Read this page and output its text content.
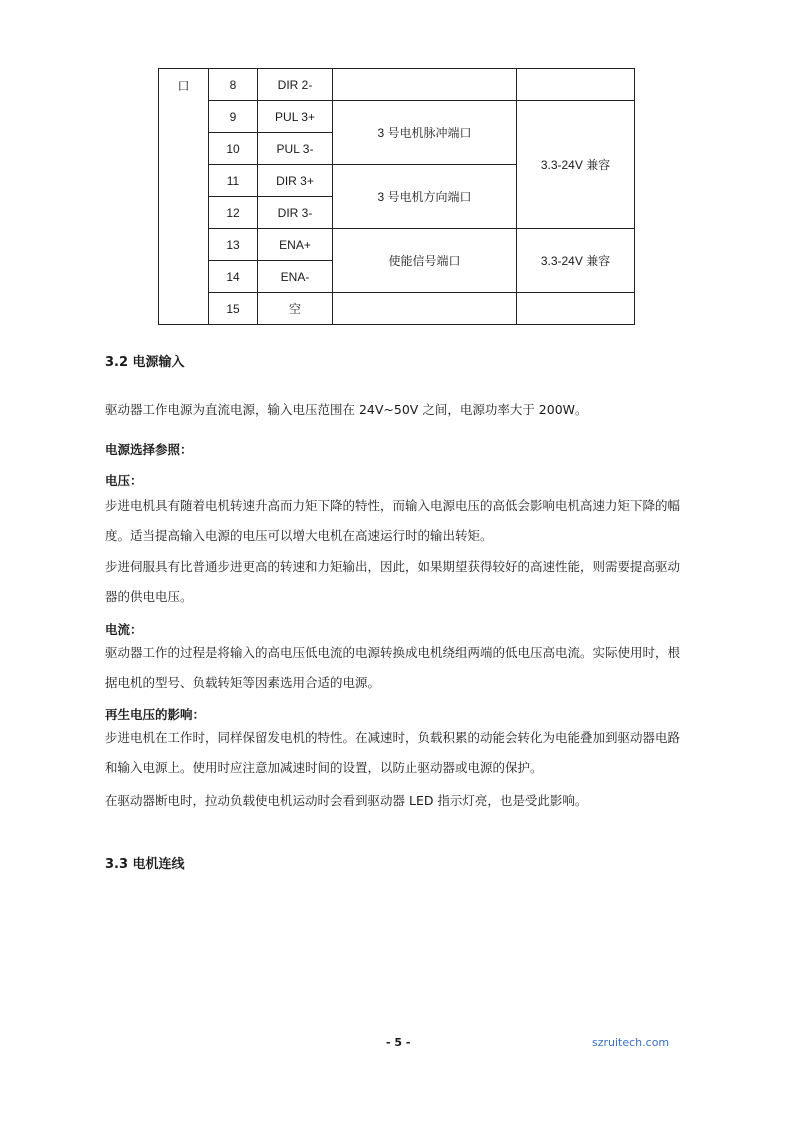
口	8	DIR 2-		
	9	PUL 3+	3 号电机脉冲端口	3.3-24V 兼容
	10	PUL 3-		
	11	DIR 3+	3 号电机方向端口	
	12	DIR 3-		
	13	ENA+	使能信号端口	3.3-24V 兼容
	14	ENA-		
	15	空		
3.2 电源输入
驱动器工作电源为直流电源，输入电压范围在 24V~50V 之间，电源功率大于 200W。
电源选择参照：
电压：
步进电机具有随着电机转速升高而力矩下降的特性，而输入电源电压的高低会影响电机高速力矩下降的幅度。适当提高输入电源的电压可以增大电机在高速运行时的输出转矩。
步进伺服具有比普通步进更高的转速和力矩输出，因此，如果期望获得较好的高速性能，则需要提高驱动器的供电电压。
电流：
驱动器工作的过程是将输入的高电压低电流的电源转换成电机绕组两端的低电压高电流。实际使用时，根据电机的型号、负载转矩等因素选用合适的电源。
再生电压的影响：
步进电机在工作时，同样保留发电机的特性。在减速时，负载积累的动能会转化为电能叠加到驱动器电路和输入电源上。使用时应注意加减速时间的设置，以防止驱动器或电源的保护。
在驱动器断电时，拉动负载使电机运动时会看到驱动器 LED 指示灯亮，也是受此影响。
3.3 电机连线
- 5 -	szruitech.com
